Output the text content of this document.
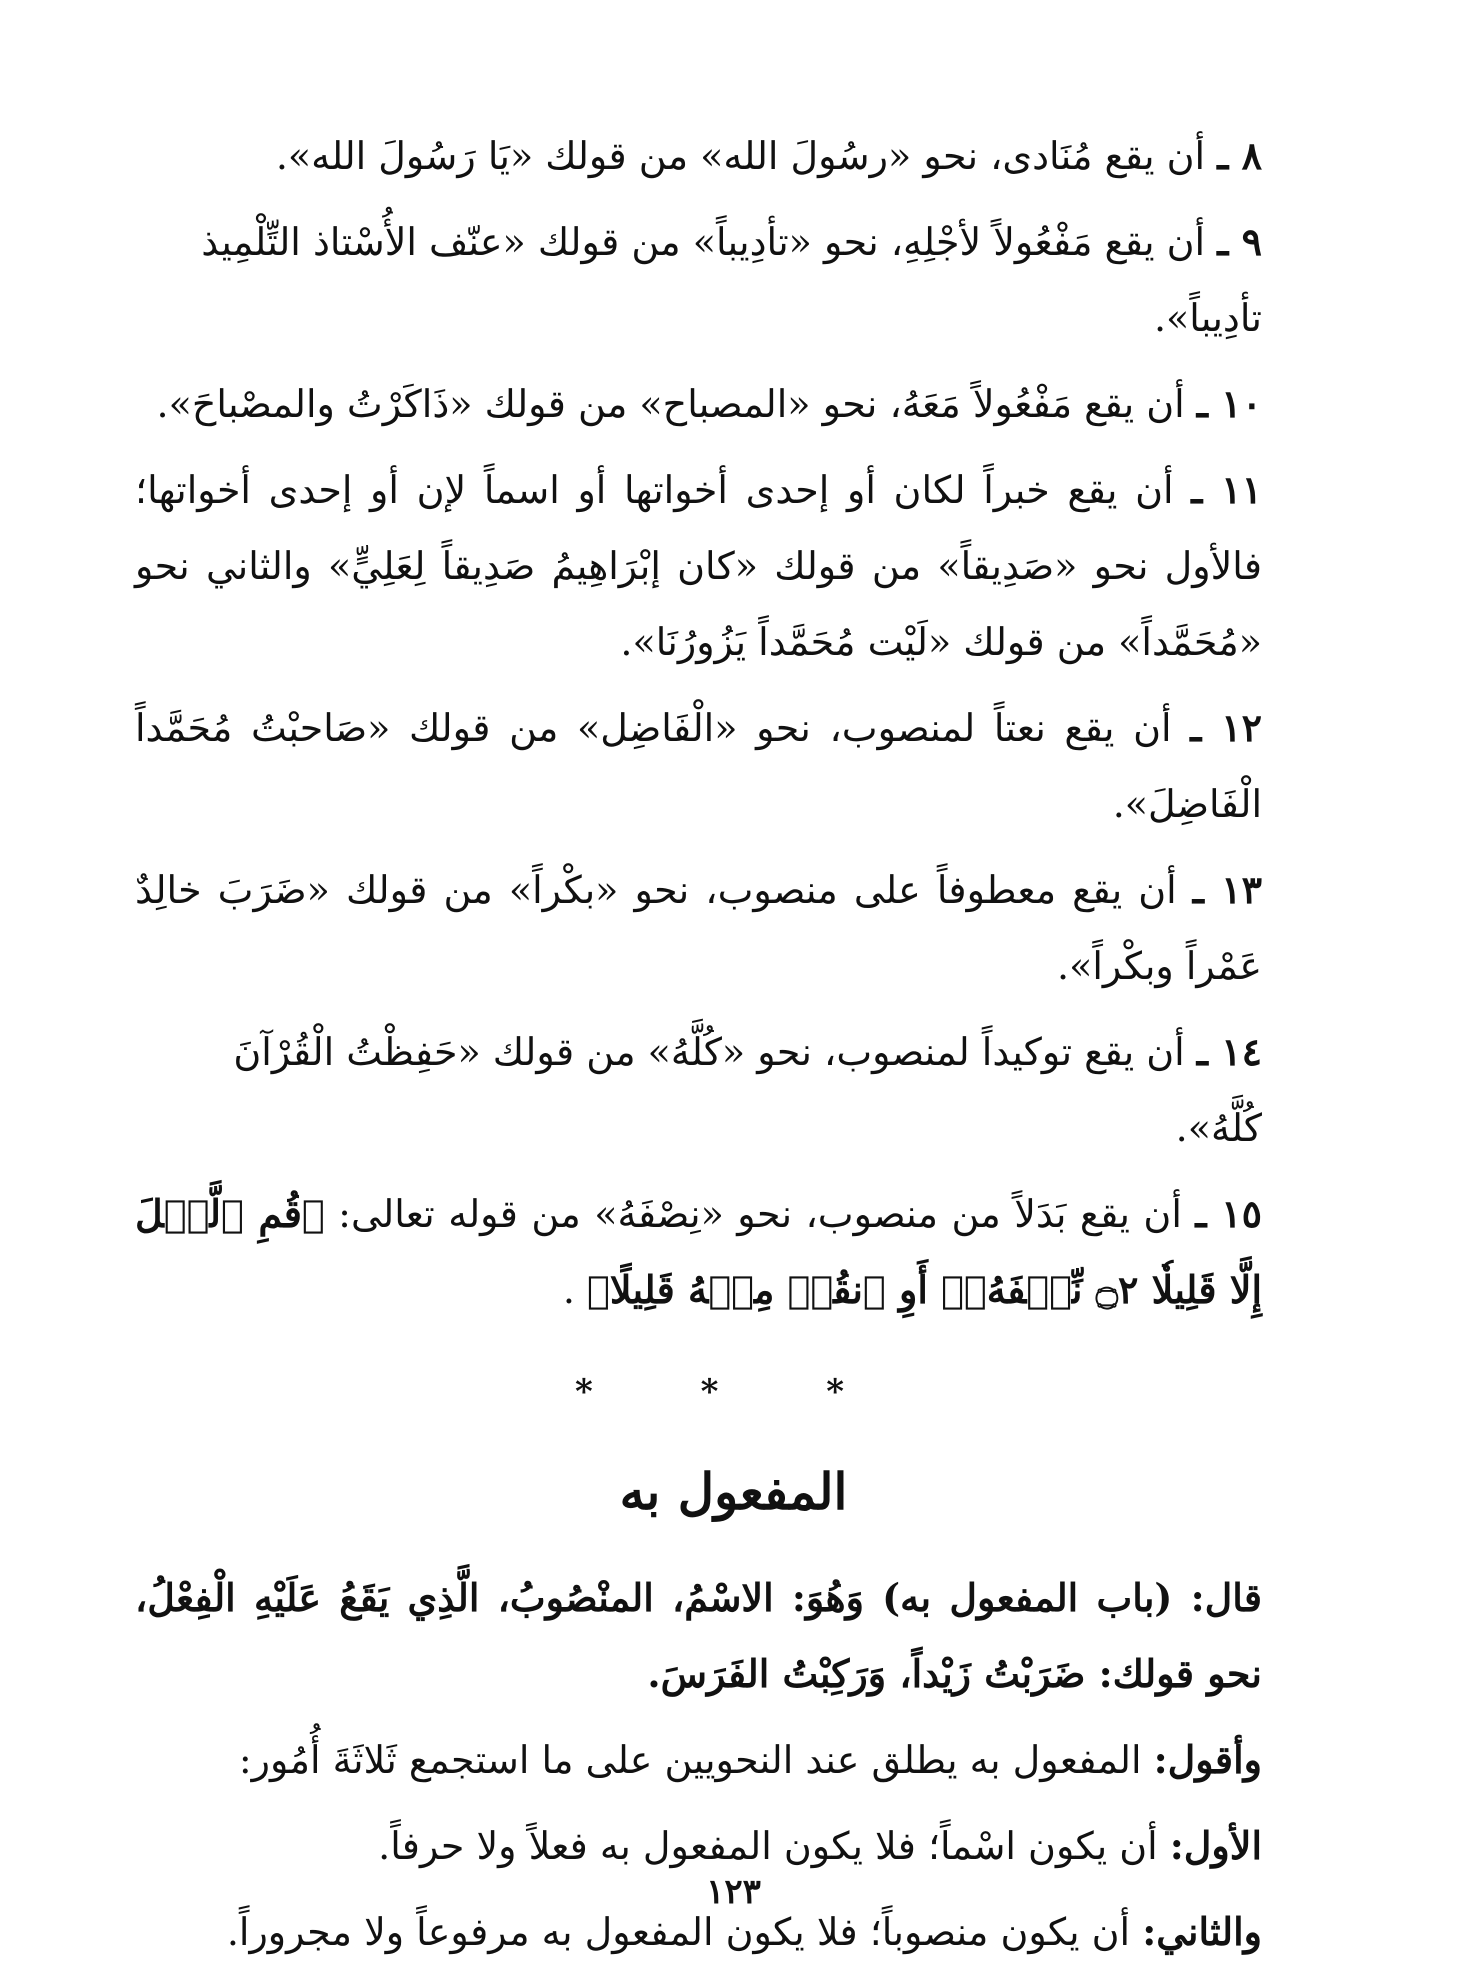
٨ ـ أن يقع مُنَادى، نحو «رسُولَ الله» من قولك «يَا رَسُولَ الله».

٩ ـ أن يقع مَفْعُولاً لأجْلِهِ، نحو «تأدِيباً» من قولك «عنّف الأُسْتاذ التِّلْمِيذ تأدِيباً».

١٠ ـ أن يقع مَفْعُولاً مَعَهُ، نحو «المصباح» من قولك «ذَاكَرْتُ والمصْباحَ».

١١ ـ أن يقع خبراً لكان أو إحدى أخواتها أو اسماً لإن أو إحدى أخواتها؛ فالأول نحو «صَدِيقاً» من قولك «كان إبْرَاهِيمُ صَدِيقاً لِعَلِيٍّ» والثاني نحو «مُحَمَّداً» من قولك «لَيْت مُحَمَّداً يَزُورُنَا».

١٢ ـ أن يقع نعتاً لمنصوب، نحو «الْفَاضِل» من قولك «صَاحبْتُ مُحَمَّداً الْفَاضِلَ».

١٣ ـ أن يقع معطوفاً على منصوب، نحو «بكْراً» من قولك «ضَرَبَ خالِدٌ عَمْراً وبكْراً».

١٤ ـ أن يقع توكيداً لمنصوب، نحو «كُلَّهُ» من قولك «حَفِظْتُ الْقُرْآنَ كُلَّهُ».

١٥ ـ أن يقع بَدَلاً من منصوب، نحو «نِصْفَهُ» من قوله تعالى: ﴿قُمِ ٱلَّيۡلَ إِلَّا قَلِيلٗا ۝٢ نِّصۡفَهُۥٓ أَوِ ٱنقُصۡ مِنۡهُ قَلِيلًا﴾ .

* * *
المفعول به

قال: (باب المفعول به) وَهُوَ: الاسْمُ، المنْصُوبُ، الَّذِي يَقَعُ عَلَيْهِ الْفِعْلُ، نحو قولك: ضَرَبْتُ زَيْداً، وَرَكِبْتُ الفَرَسَ.

وأقول: المفعول به يطلق عند النحويين على ما استجمع ثَلاثَةَ أُمُور:

الأول: أن يكون اسْماً؛ فلا يكون المفعول به فعلاً ولا حرفاً.

والثاني: أن يكون منصوباً؛ فلا يكون المفعول به مرفوعاً ولا مجروراً.

١٢٣
